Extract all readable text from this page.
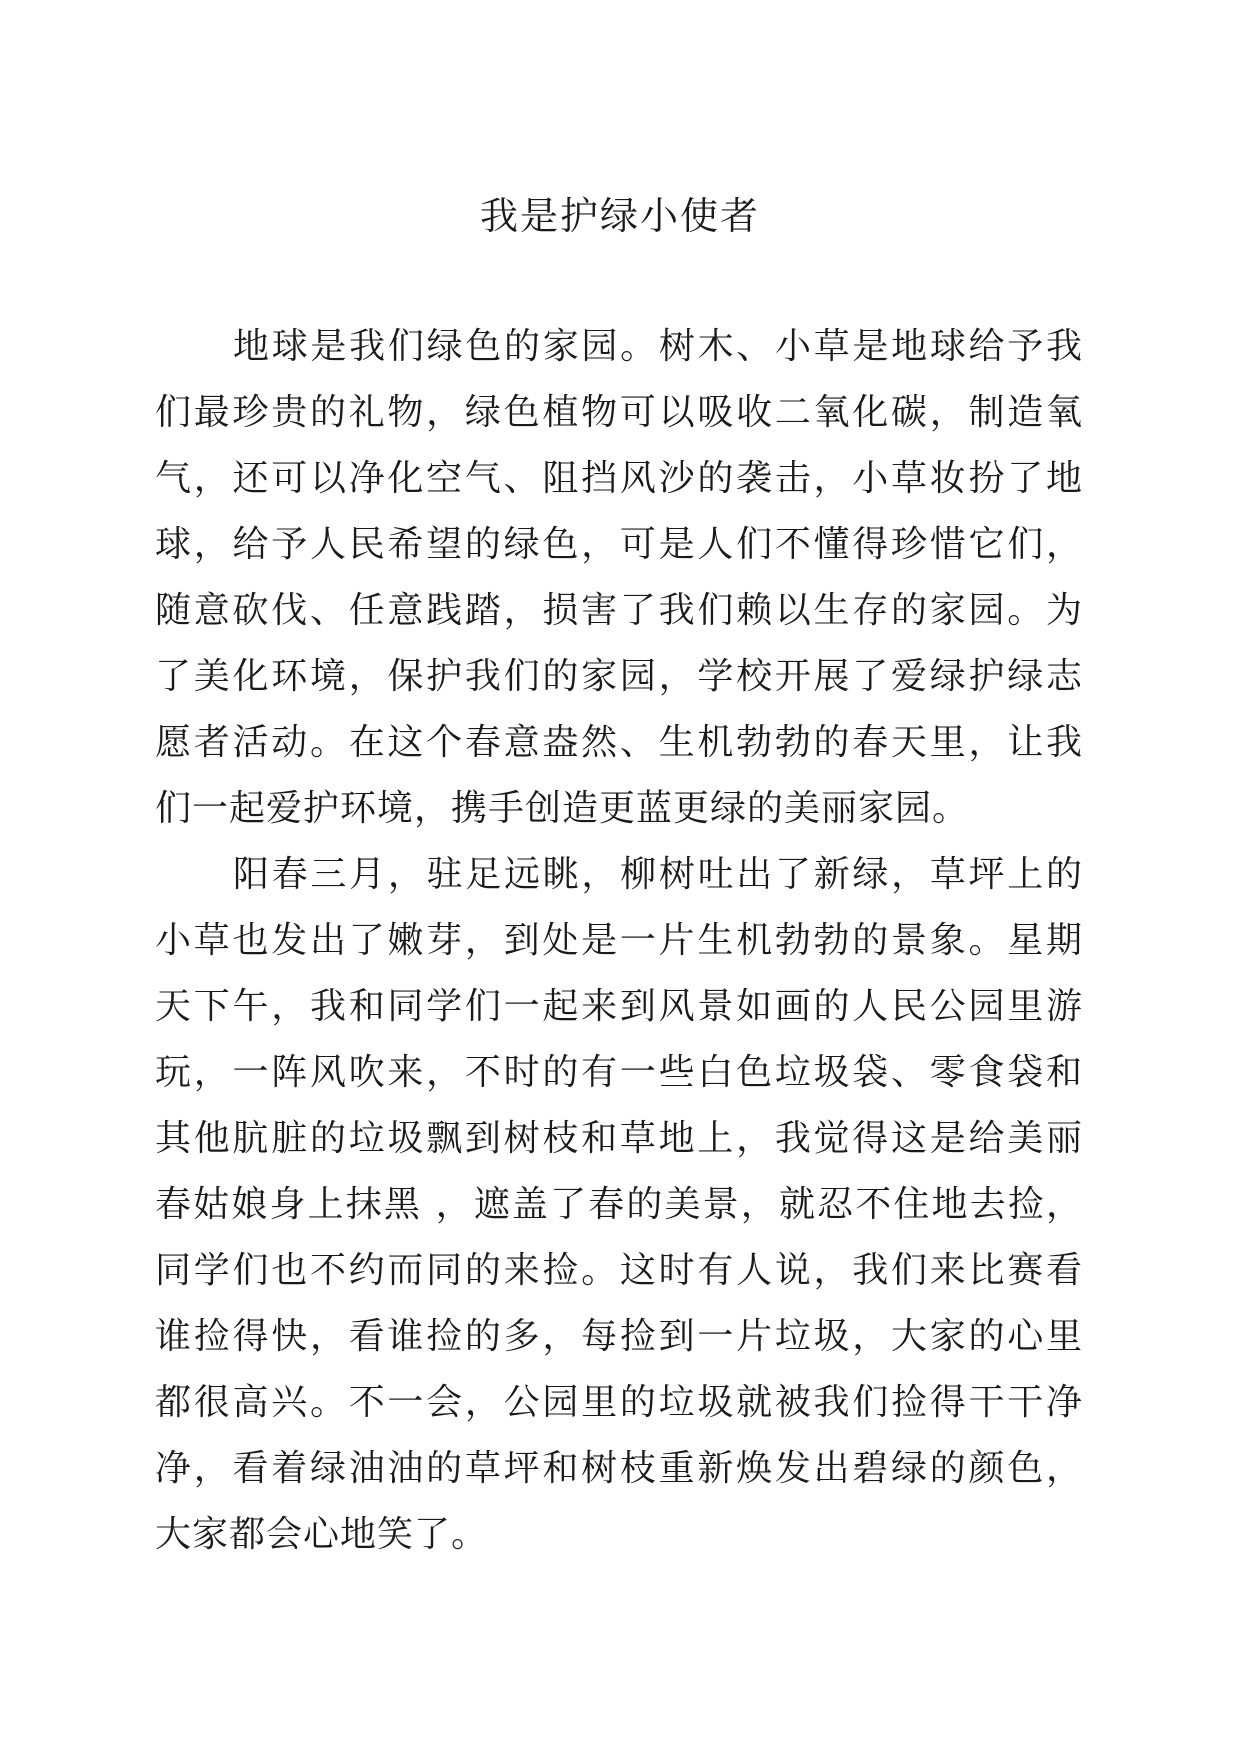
我是护绿小使者
地球是我们绿色的家园。树木、小草是地球给予我
们最珍贵的礼物，绿色植物可以吸收二氧化碳，制造氧
气，还可以净化空气、阻挡风沙的袭击，小草妆扮了地
球，给予人民希望的绿色，可是人们不懂得珍惜它们，
随意砍伐、任意践踏，损害了我们赖以生存的家园。为
了美化环境，保护我们的家园，学校开展了爱绿护绿志
愿者活动。在这个春意盎然、生机勃勃的春天里，让我
们一起爱护环境，携手创造更蓝更绿的美丽家园。
阳春三月，驻足远眺，柳树吐出了新绿，草坪上的
小草也发出了嫩芽，到处是一片生机勃勃的景象。星期
天下午，我和同学们一起来到风景如画的人民公园里游
玩，一阵风吹来，不时的有一些白色垃圾袋、零食袋和
其他肮脏的垃圾飘到树枝和草地上，我觉得这是给美丽
春姑娘身上抹黑 ，遮盖了春的美景，就忍不住地去捡，
同学们也不约而同的来捡。这时有人说，我们来比赛看
谁捡得快，看谁捡的多，每捡到一片垃圾，大家的心里
都很高兴。不一会，公园里的垃圾就被我们捡得干干净
净，看着绿油油的草坪和树枝重新焕发出碧绿的颜色，
大家都会心地笑了。
